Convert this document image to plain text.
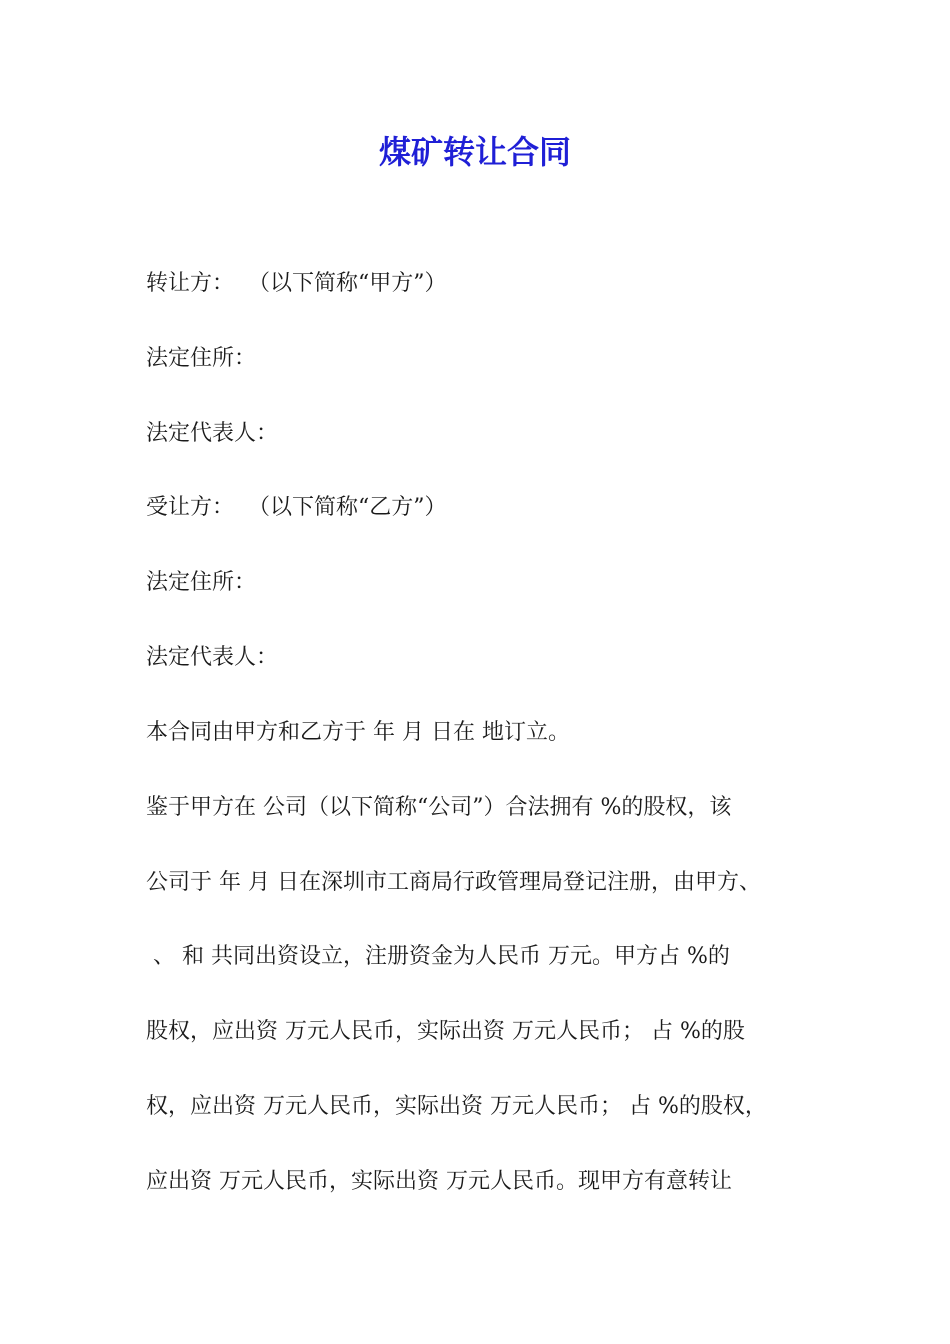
煤矿转让合同

转让方：  （以下简称“甲方”）

法定住所：

法定代表人：

受让方：  （以下简称“乙方”）

法定住所：

法定代表人：

本合同由甲方和乙方于 年 月 日在 地订立。

鉴于甲方在 公司（以下简称“公司”）合法拥有 %的股权，该

公司于 年 月 日在深圳市工商局行政管理局登记注册，由甲方、

、 和 共同出资设立，注册资金为人民币 万元。甲方占 %的

股权，应出资 万元人民币，实际出资 万元人民币； 占 %的股

权，应出资 万元人民币，实际出资 万元人民币； 占 %的股权，

应出资 万元人民币，实际出资 万元人民币。现甲方有意转让
